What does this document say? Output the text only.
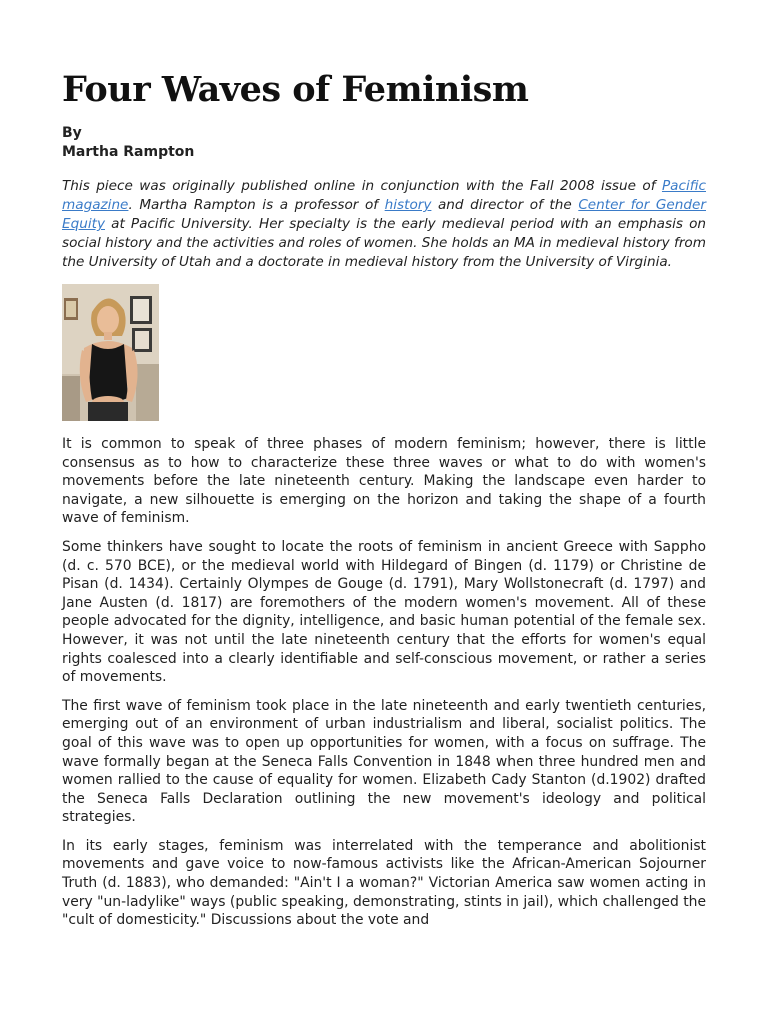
Four Waves of Feminism
By
Martha Rampton

This piece was originally published online in conjunction with the Fall 2008 issue of Pacific magazine. Martha Rampton is a professor of history and director of the Center for Gender Equity at Pacific University. Her specialty is the early medieval period with an emphasis on social history and the activities and roles of women. She holds an MA in medieval history from the University of Utah and a doctorate in medieval history from the University of Virginia.

It is common to speak of three phases of modern feminism; however, there is little consensus as to how to characterize these three waves or what to do with women's movements before the late nineteenth century. Making the landscape even harder to navigate, a new silhouette is emerging on the horizon and taking the shape of a fourth wave of feminism.

Some thinkers have sought to locate the roots of feminism in ancient Greece with Sappho (d. c. 570 BCE), or the medieval world with Hildegard of Bingen (d. 1179) or Christine de Pisan (d. 1434). Certainly Olympes de Gouge (d. 1791), Mary Wollstonecraft (d. 1797) and Jane Austen (d. 1817) are foremothers of the modern women's movement. All of these people advocated for the dignity, intelligence, and basic human potential of the female sex. However, it was not until the late nineteenth century that the efforts for women's equal rights coalesced into a clearly identifiable and self-conscious movement, or rather a series of movements.

The first wave of feminism took place in the late nineteenth and early twentieth centuries, emerging out of an environment of urban industrialism and liberal, socialist politics. The goal of this wave was to open up opportunities for women, with a focus on suffrage. The wave formally began at the Seneca Falls Convention in 1848 when three hundred men and women rallied to the cause of equality for women. Elizabeth Cady Stanton (d.1902) drafted the Seneca Falls Declaration outlining the new movement's ideology and political strategies.

In its early stages, feminism was interrelated with the temperance and abolitionist movements and gave voice to now-famous activists like the African-American Sojourner Truth (d. 1883), who demanded: "Ain't I a woman?" Victorian America saw women acting in very "un-ladylike" ways (public speaking, demonstrating, stints in jail), which challenged the "cult of domesticity." Discussions about the vote and
